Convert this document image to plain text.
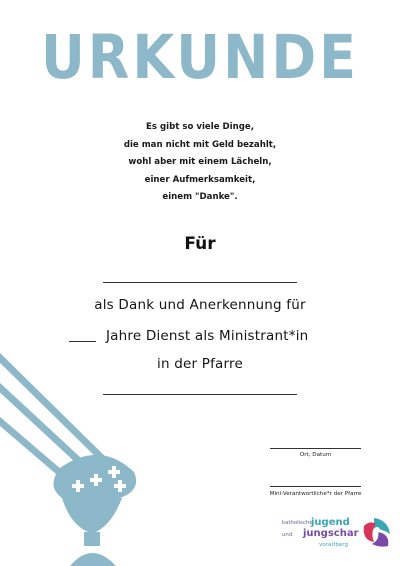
URKUNDE
Es gibt so viele Dinge,
die man nicht mit Geld bezahlt,
wohl aber mit einem Lächeln,
einer Aufmerksamkeit,
einem "Danke".
Für
als Dank und Anerkennung für
Jahre Dienst als Ministrant*in
in der Pfarre
Ort, Datum
Mini-Verantwortliche*r der Pfarre
katholische
jugend
und jungschar
vorarlberg
